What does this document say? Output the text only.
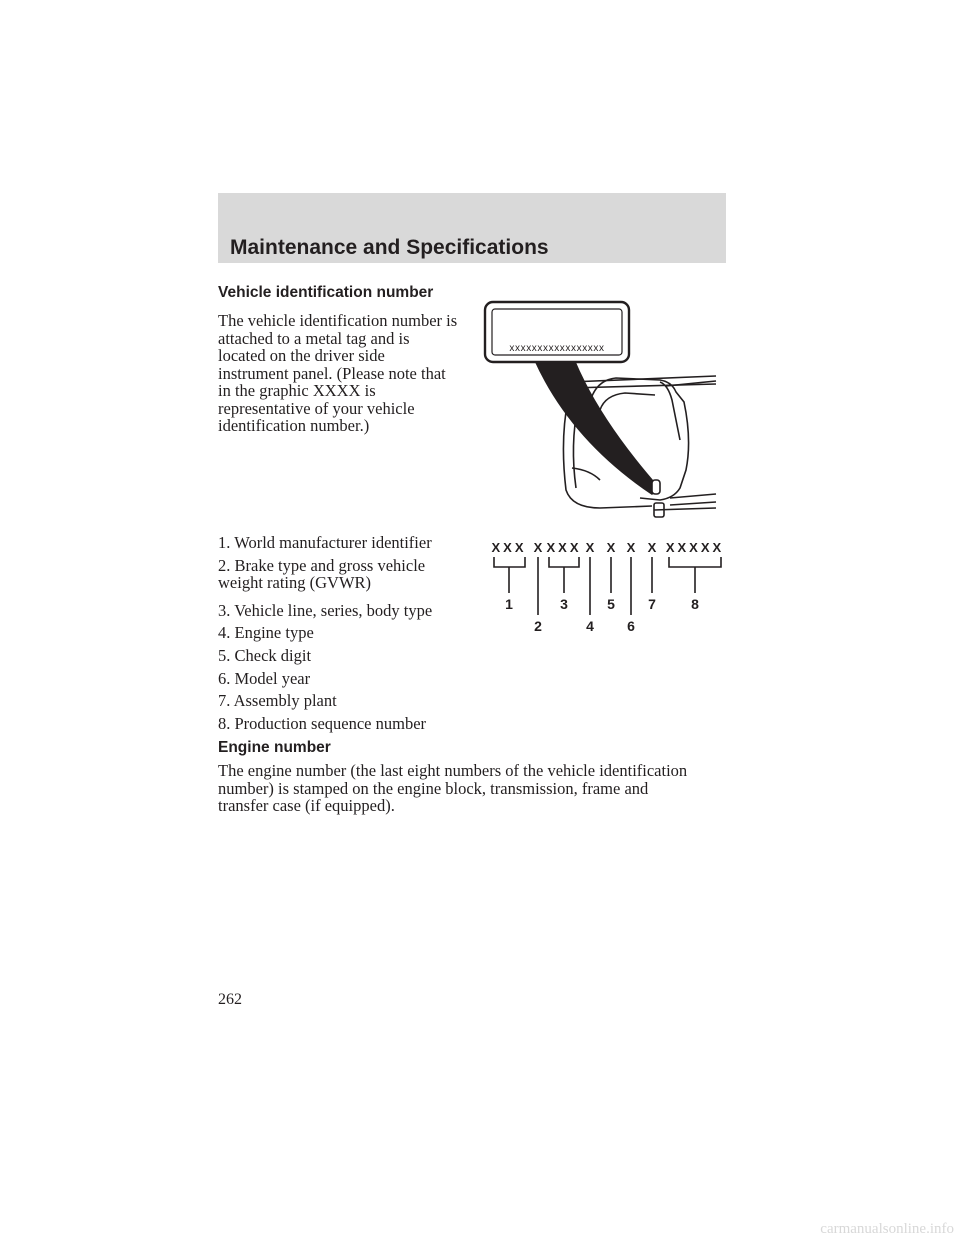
Maintenance and Specifications
Vehicle identification number
The vehicle identification number is
attached to a metal tag and is
located on the driver side
instrument panel. (Please note that
in the graphic XXXX is
representative of your vehicle
identification number.)
xxxxxxxxxxxxxxxxx
1. World manufacturer identifier
2. Brake type and gross vehicle
weight rating (GVWR)
3. Vehicle line, series, body type
4. Engine type
5. Check digit
6. Model year
7. Assembly plant
8. Production sequence number
XXX X XXX X X X X XXXXX
1
2
3
4
5
6
7	8
Engine number
The engine number (the last eight numbers of the vehicle identification
number) is stamped on the engine block, transmission, frame and
transfer case (if equipped).
262
carmanualsonline.info
